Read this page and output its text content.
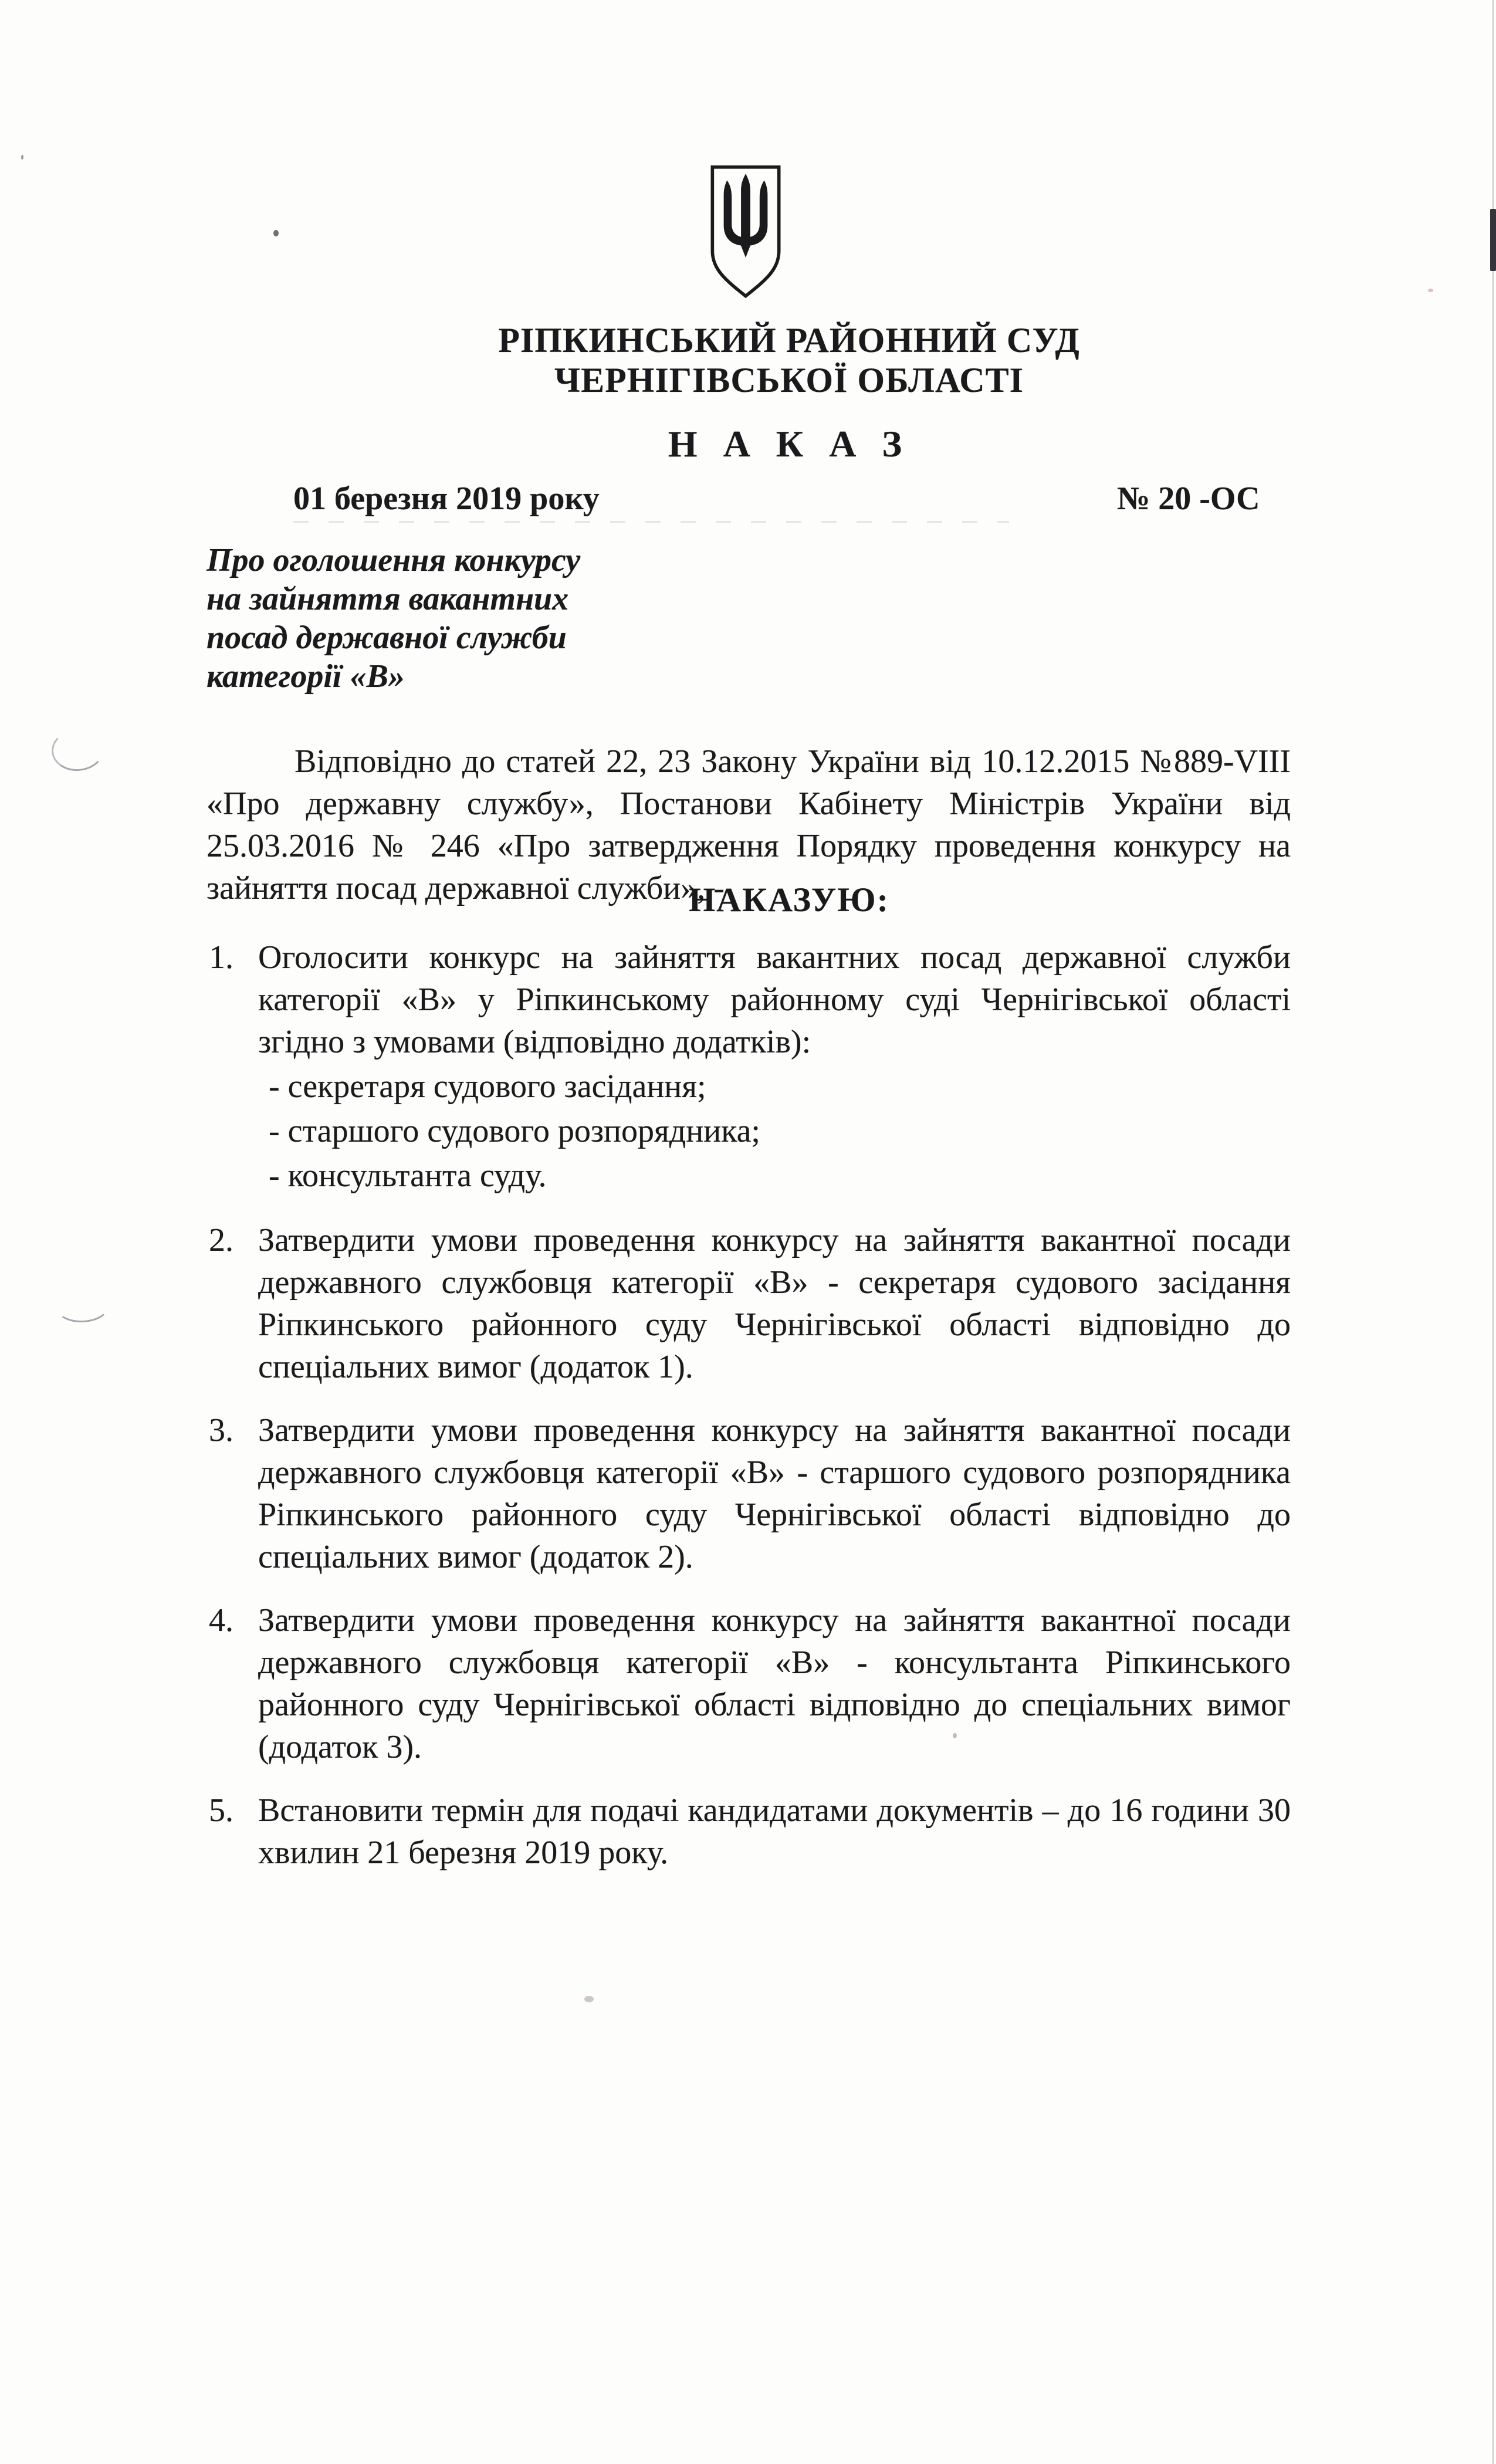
РІПКИНСЬКИЙ РАЙОННИЙ СУД
ЧЕРНІГІВСЬКОЇ ОБЛАСТІ
Н А К А З
01 березня 2019 року	№ 20 -ОС
Про оголошення конкурсу
на зайняття вакантних
посад державної служби
категорії «В»

Відповідно до статей 22, 23 Закону України від 10.12.2015 №889-VIII «Про державну службу», Постанови Кабінету Міністрів України від 25.03.2016 № 246 «Про затвердження Порядку проведення конкурсу на зайняття посад державної служби», -

НАКАЗУЮ:
1. Оголосити конкурс на зайняття вакантних посад державної служби категорії «В» у Ріпкинському районному суді Чернігівської області згідно з умовами (відповідно додатків):
- секретаря судового засідання;
- старшого судового розпорядника;
- консультанта суду.
2. Затвердити умови проведення конкурсу на зайняття вакантної посади державного службовця категорії «В» - секретаря судового засідання Ріпкинського районного суду Чернігівської області відповідно до спеціальних вимог (додаток 1).
3. Затвердити умови проведення конкурсу на зайняття вакантної посади державного службовця категорії «В» - старшого судового розпорядника Ріпкинського районного суду Чернігівської області відповідно до спеціальних вимог (додаток 2).
4. Затвердити умови проведення конкурсу на зайняття вакантної посади державного службовця категорії «В» - консультанта Ріпкинського районного суду Чернігівської області відповідно до спеціальних вимог (додаток 3).
5. Встановити термін для подачі кандидатами документів – до 16 години 30 хвилин 21 березня 2019 року.
